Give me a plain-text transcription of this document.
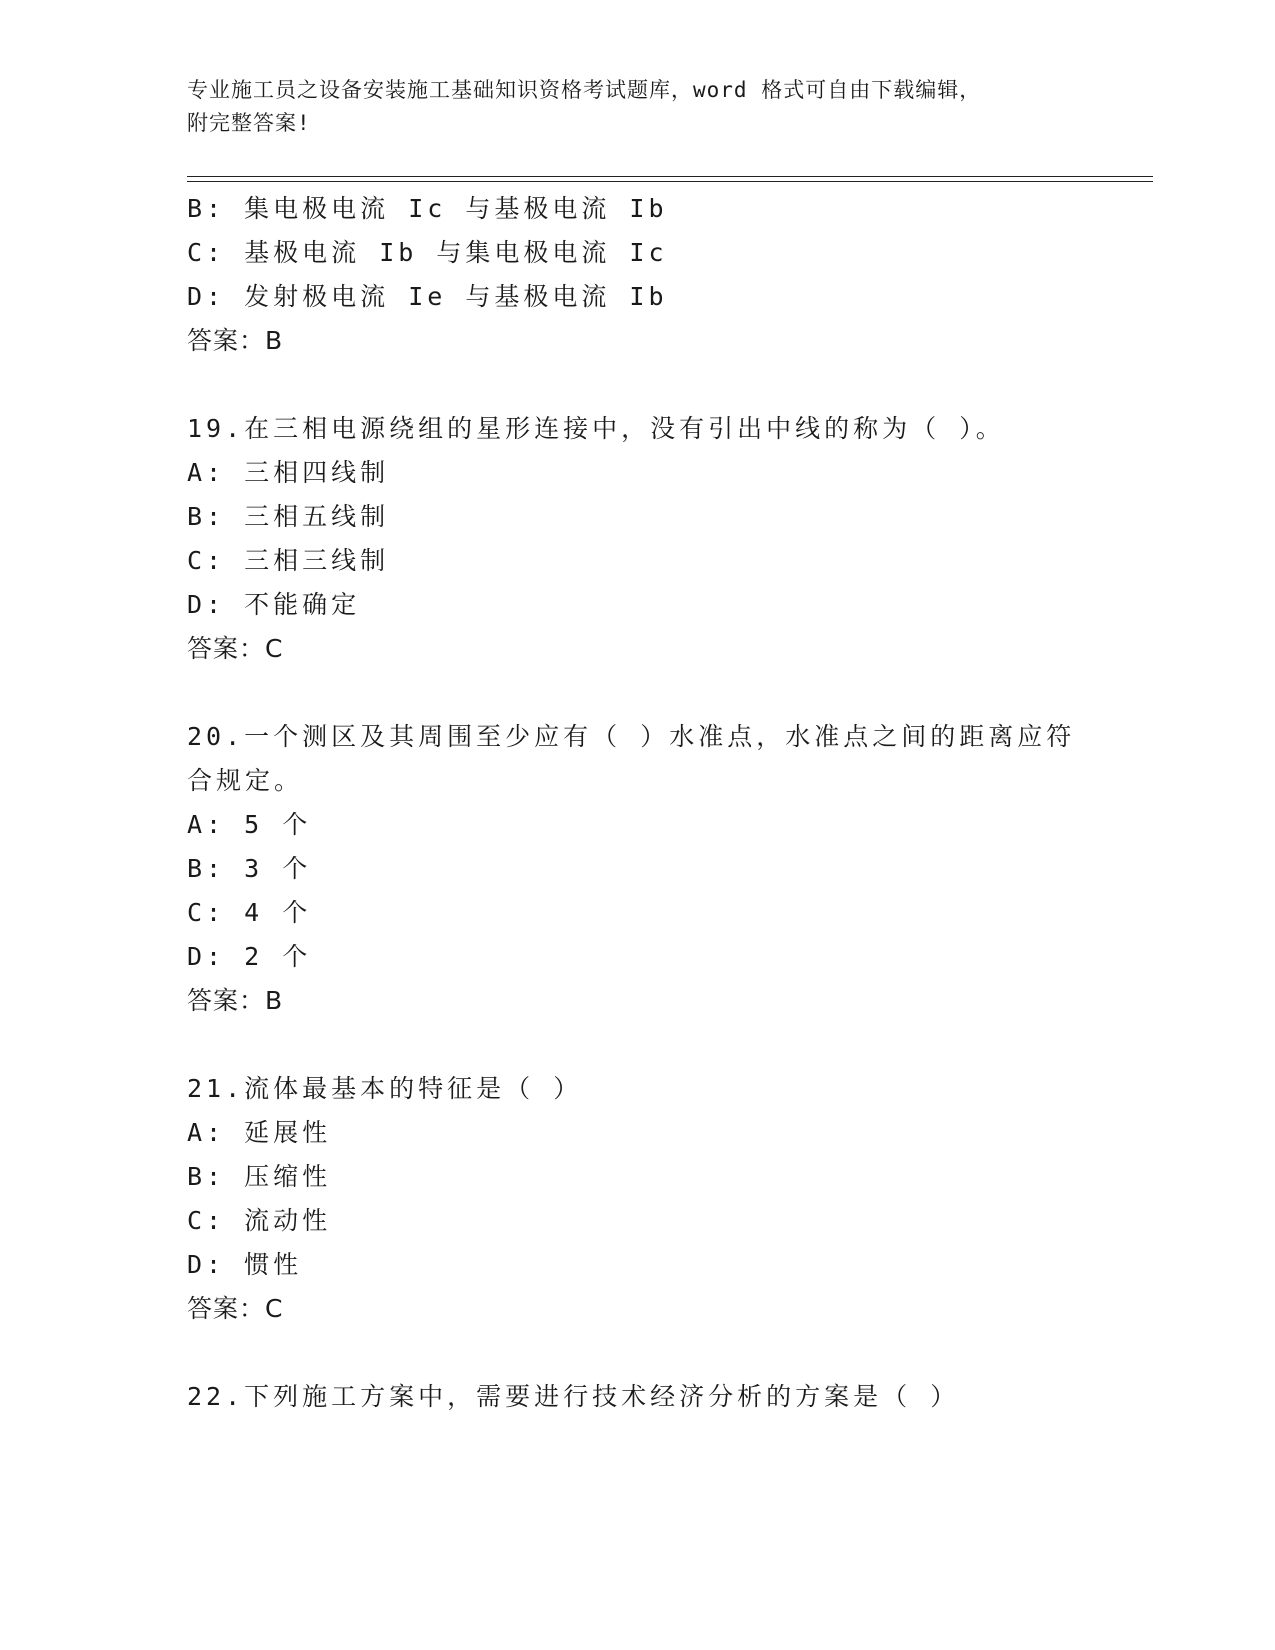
专业施工员之设备安装施工基础知识资格考试题库，word 格式可自由下载编辑，
附完整答案!
B: 集电极电流 Ic 与基极电流 Ib
C: 基极电流 Ib 与集电极电流 Ic
D: 发射极电流 Ie 与基极电流 Ib
答案：B
19.在三相电源绕组的星形连接中，没有引出中线的称为（ ）。
A: 三相四线制
B: 三相五线制
C: 三相三线制
D: 不能确定
答案：C
20.一个测区及其周围至少应有（ ）水准点，水准点之间的距离应符
合规定。
A: 5 个
B: 3 个
C: 4 个
D: 2 个
答案：B
21.流体最基本的特征是（ ）
A: 延展性
B: 压缩性
C: 流动性
D: 惯性
答案：C
22.下列施工方案中，需要进行技术经济分析的方案是（ ）
